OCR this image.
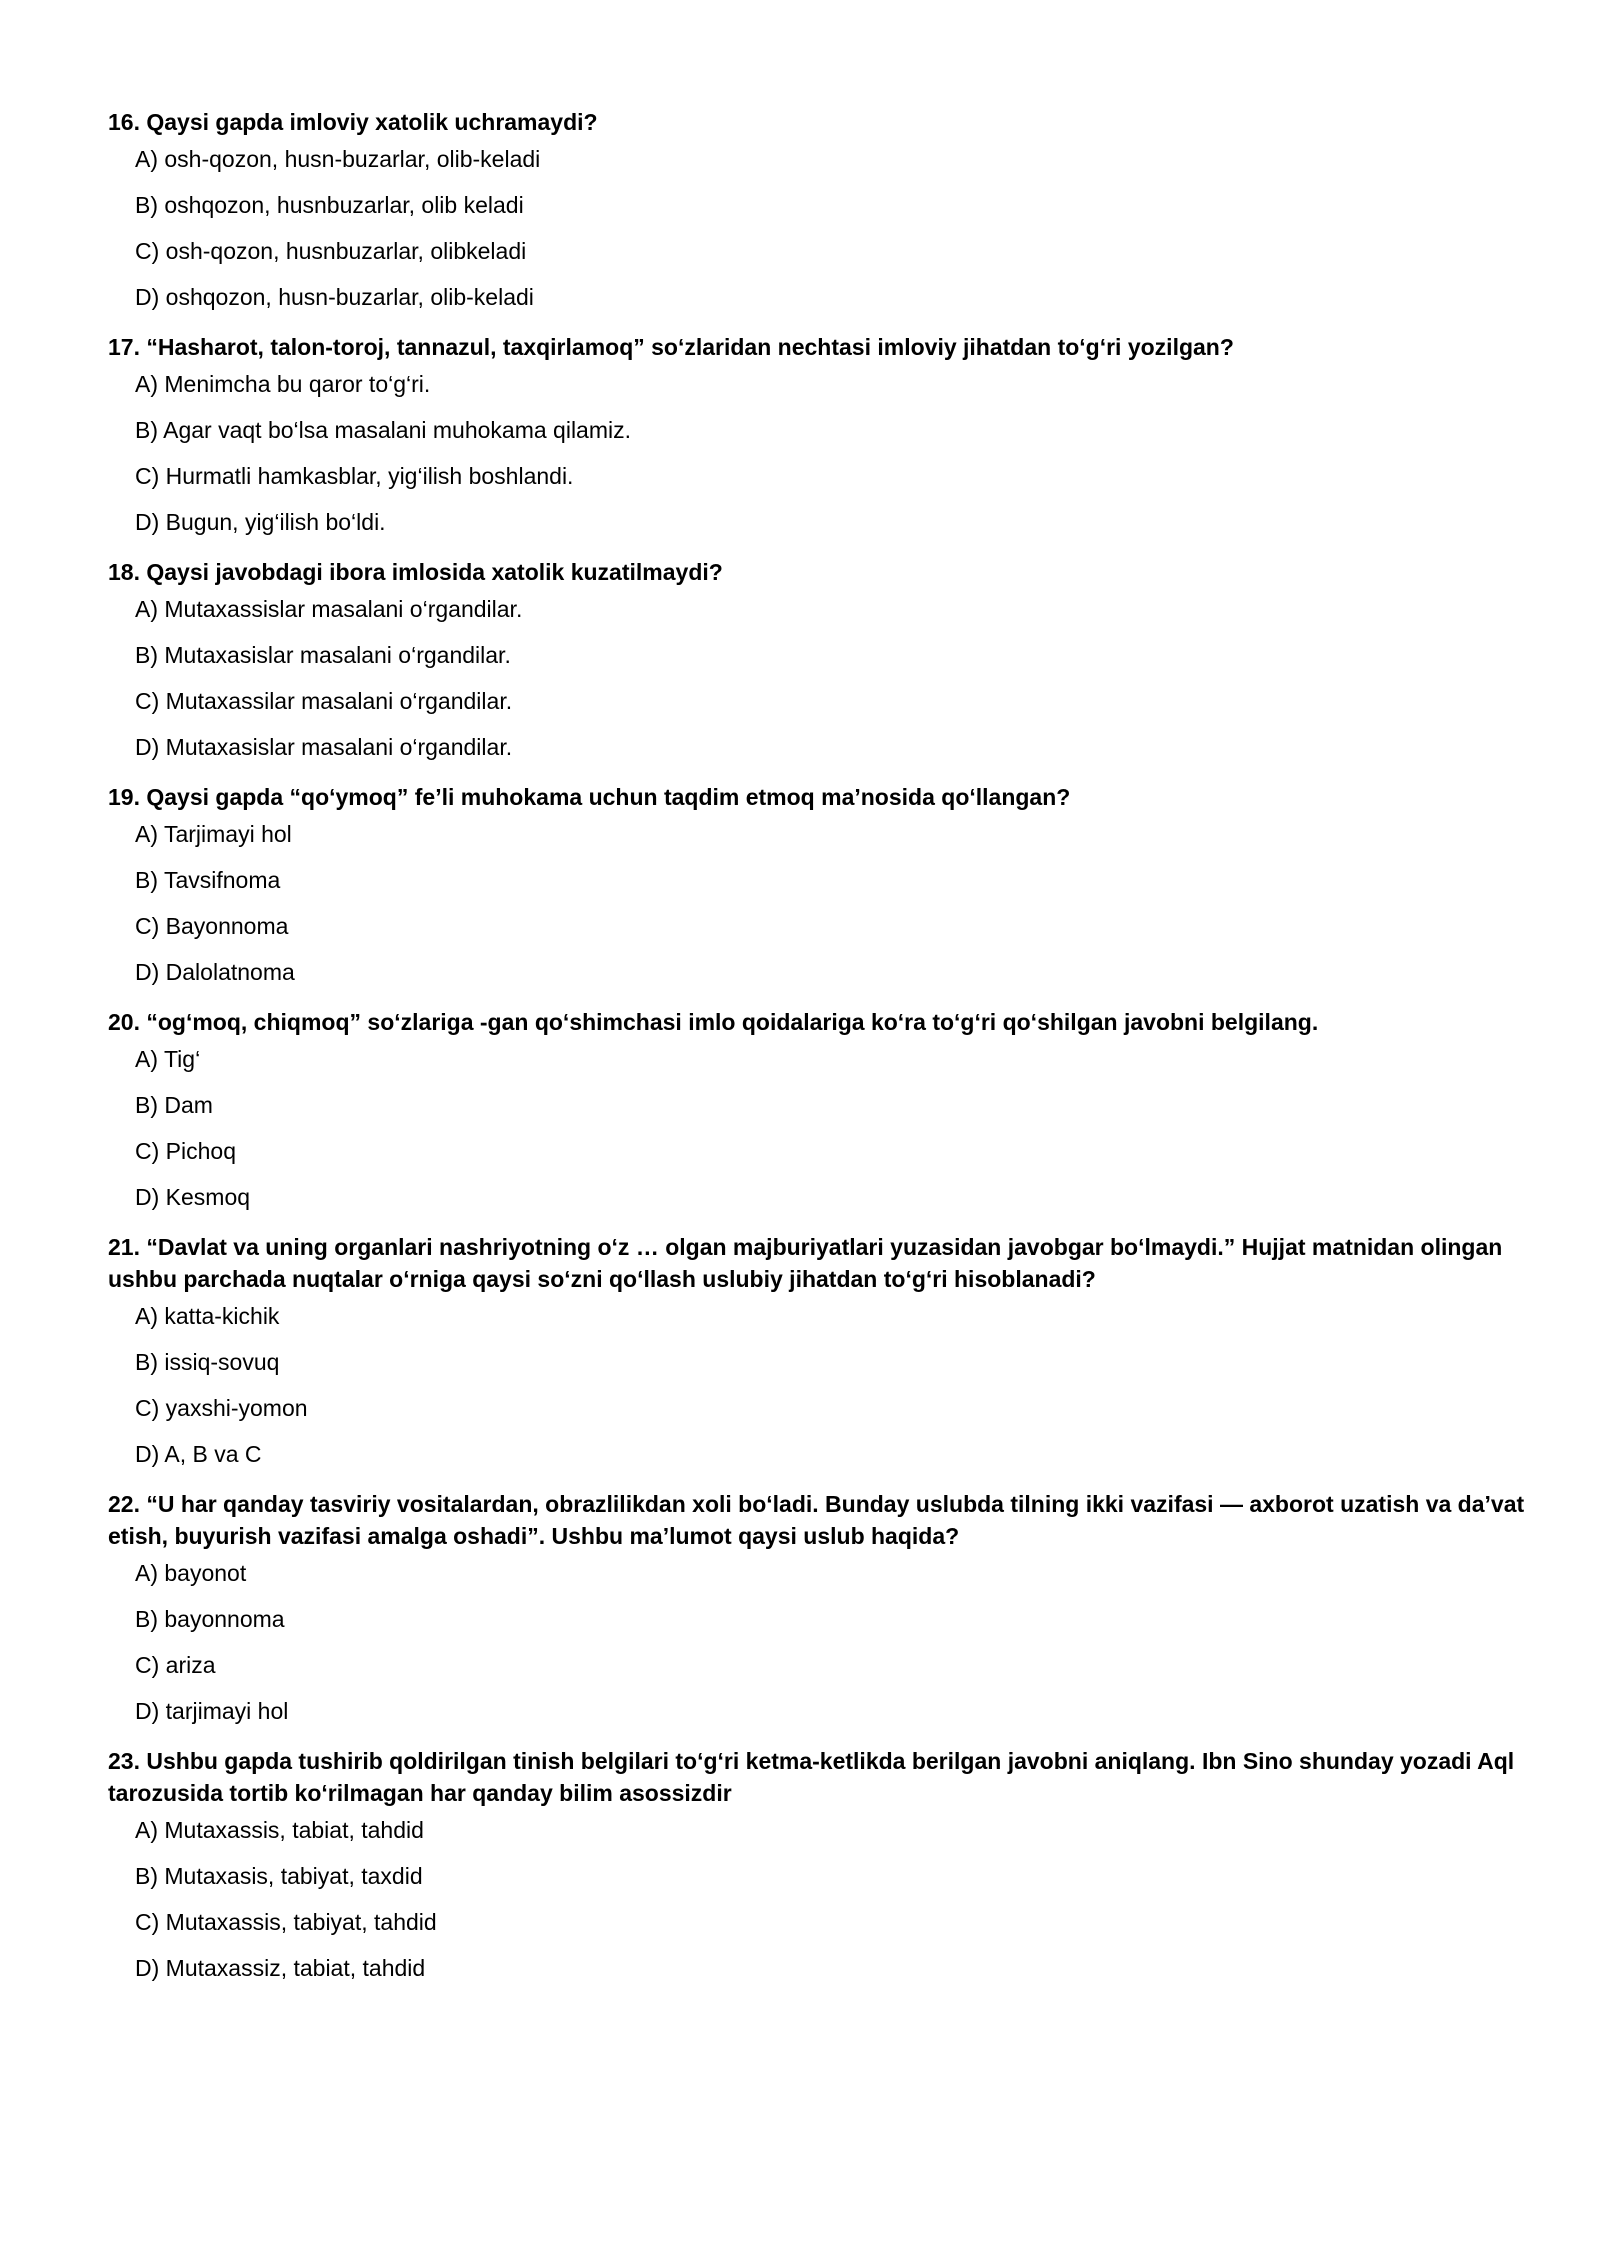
16. Qaysi gapda imloviy xatolik uchramaydi?

A) osh-qozon, husn-buzarlar, olib-keladi
B) oshqozon, husnbuzarlar, olib keladi
C) osh-qozon, husnbuzarlar, olibkeladi
D) oshqozon, husn-buzarlar, olib-keladi

17. “Hasharot, talon-toroj, tannazul, taxqirlamoq” so‘zlaridan nechtasi imloviy jihatdan to‘g‘ri yozilgan?

A) Menimcha bu qaror to‘g‘ri.
B) Agar vaqt bo‘lsa masalani muhokama qilamiz.
C) Hurmatli hamkasblar, yig‘ilish boshlandi.
D) Bugun, yig‘ilish bo‘ldi.

18. Qaysi javobdagi ibora imlosida xatolik kuzatilmaydi?

A) Mutaxassislar masalani o‘rgandilar.
B) Mutaxasislar masalani o‘rgandilar.
C) Mutaxassilar masalani o‘rgandilar.
D) Mutaxasislar masalani o‘rgandilar.

19. Qaysi gapda “qo‘ymoq” fe’li muhokama uchun taqdim etmoq ma’nosida qo‘llangan?

A) Tarjimayi hol
B) Tavsifnoma
C) Bayonnoma
D) Dalolatnoma

20. “og‘moq, chiqmoq” so‘zlariga -gan qo‘shimchasi imlo qoidalariga ko‘ra to‘g‘ri qo‘shilgan javobni belgilang.

A) Tig‘
B) Dam
C) Pichoq
D) Kesmoq

21. “Davlat va uning organlari nashriyotning o‘z … olgan majburiyatlari yuzasidan javobgar bo‘lmaydi.” Hujjat matnidan olingan ushbu parchada nuqtalar o‘rniga qaysi so‘zni qo‘llash uslubiy jihatdan to‘g‘ri hisoblanadi?

A) katta-kichik
B) issiq-sovuq
C) yaxshi-yomon
D) A, B va C

22. “U har qanday tasviriy vositalardan, obrazlilikdan xoli bo‘ladi. Bunday uslubda tilning ikki vazifasi — axborot uzatish va da’vat etish, buyurish vazifasi amalga oshadi”. Ushbu ma’lumot qaysi uslub haqida?

A) bayonot
B) bayonnoma
C) ariza
D) tarjimayi hol

23. Ushbu gapda tushirib qoldirilgan tinish belgilari to‘g‘ri ketma-ketlikda berilgan javobni aniqlang. Ibn Sino shunday yozadi Aql tarozusida tortib ko‘rilmagan har qanday bilim asossizdir

A) Mutaxassis, tabiat, tahdid
B) Mutaxasis, tabiyat, taxdid
C) Mutaxassis, tabiyat, tahdid
D) Mutaxassiz, tabiat, tahdid
